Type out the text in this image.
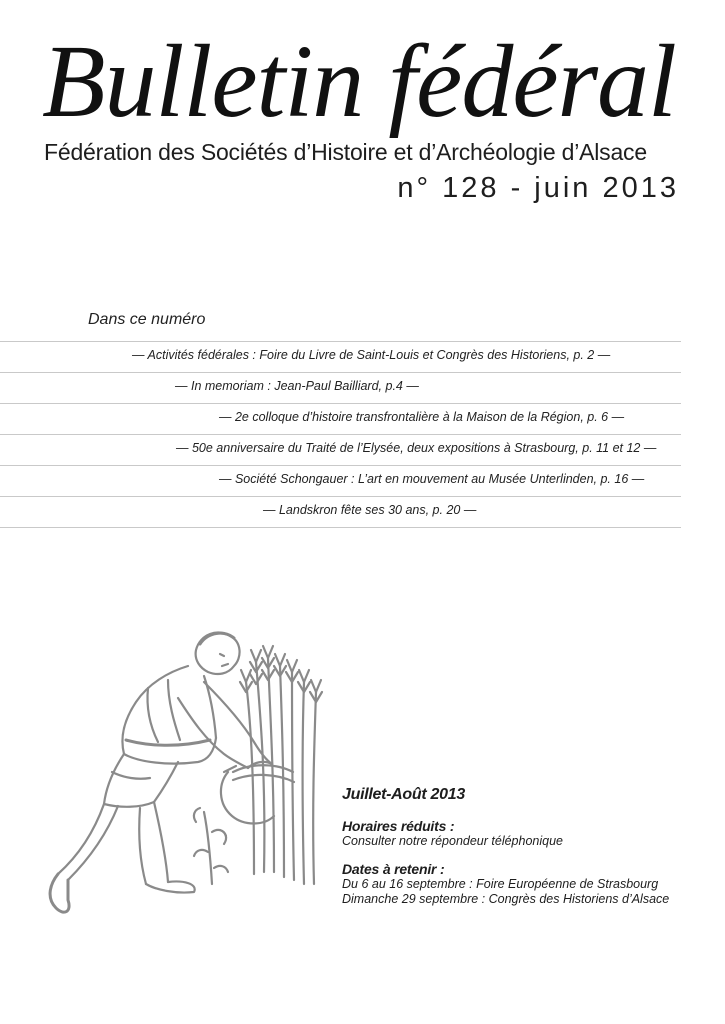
Bulletin fédéral
Fédération des Sociétés d’Histoire et d’Archéologie d’Alsace
n° 128 - juin 2013
Dans ce numéro
— Activités fédérales : Foire du Livre de Saint-Louis et Congrès des Historiens, p. 2 —
— In memoriam : Jean-Paul Bailliard, p.4 —
— 2e colloque d’histoire transfrontalière à la Maison de la Région, p. 6 —
— 50e anniversaire du Traité de l’Elysée, deux expositions à Strasbourg, p. 11 et 12 —
— Société Schongauer : L’art en mouvement au Musée Unterlinden, p. 16 —
— Landskron fête ses 30 ans, p. 20 —

Juillet-Août 2013

Horaires réduits :

Consulter notre répondeur téléphonique

Dates à retenir :

Du 6 au 16 septembre : Foire Européenne de Strasbourg

Dimanche 29 septembre : Congrès des Historiens d’Alsace
